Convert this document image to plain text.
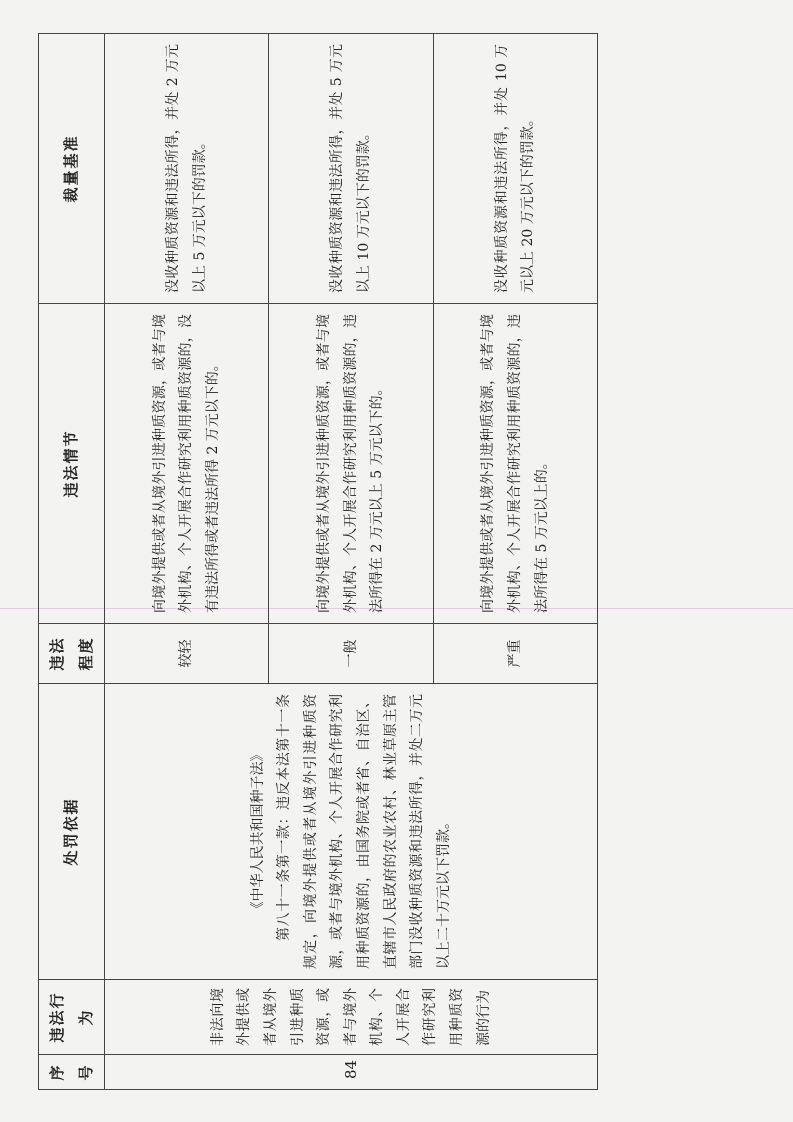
序号	违法行为	处罚依据	违法程度	违法情节	裁量基准
84	非法向境外提供或者从境外引进种质资源，或者与境外机构、个人开展合作研究利用种质资源的行为	《中华人民共和国种子法》 第八十一条第一款：违反本法第十一条规定，向境外提供或者从境外引进种质资源，或者与境外机构、个人开展合作研究利用种质资源的，由国务院或者省、自治区、直辖市人民政府的农业农村、林业草原主管部门没收种质资源和违法所得，并处二万元以上二十万元以下罚款。	较轻	向境外提供或者从境外引进种质资源，或者与境外机构、个人开展合作研究利用种质资源的，没有违法所得或者违法所得 2 万元以下的。	没收种质资源和违法所得，并处 2 万元以上 5 万元以下的罚款。

			一般	向境外提供或者从境外引进种质资源，或者与境外机构、个人开展合作研究利用种质资源的，违法所得在 2 万元以上 5 万元以下的。	没收种质资源和违法所得，并处 5 万元以上 10 万元以下的罚款。

			严重	向境外提供或者从境外引进种质资源，或者与境外机构、个人开展合作研究利用种质资源的，违法所得在 5 万元以上的。	没收种质资源和违法所得，并处 10 万元以上 20 万元以下的罚款。
